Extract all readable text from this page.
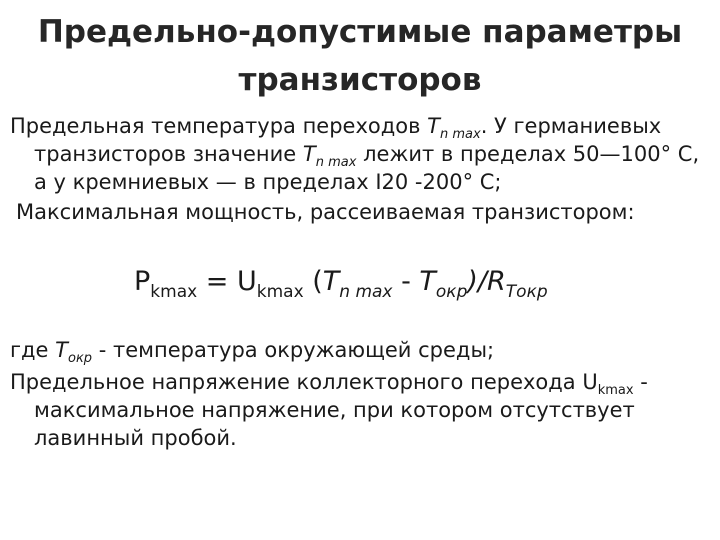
Предельно-допустимые параметры
транзисторов
Предельная температура переходов $T_{n max}$. У германиевых
транзисторов значение $T_{n max}$ лежит в пределах 50—100° С,
а у кремниевых — в пределах I20 -200° С;
Максимальная мощность, рассеиваемая транзистором:
$P_{kmax} = U_{kmax}$ $(T_{n max} - T_{окр})/R_{Tокр}$
где $T_{окр}$ - температура окружающей среды;
Предельное напряжение коллекторного перехода $U_{kmax}$ -
максимальное напряжение, при котором отсутствует
лавинный пробой.
